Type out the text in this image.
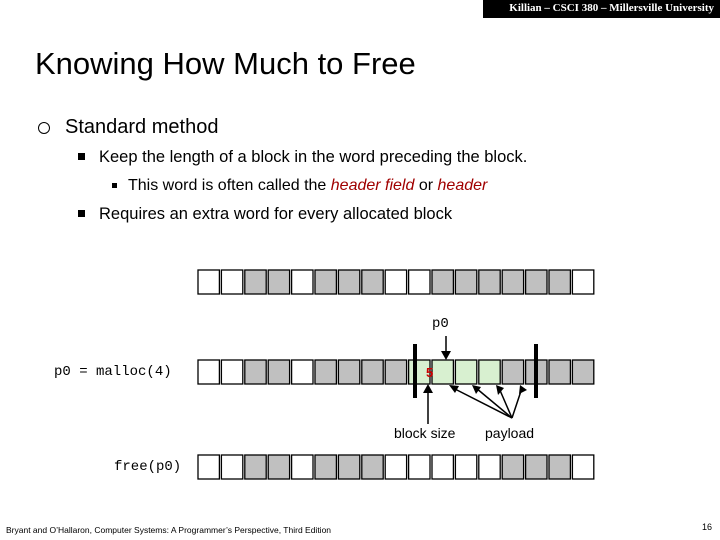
Killian – CSCI 380 – Millersville University
Knowing How Much to Free
Standard method
Keep the length of a block in the word preceding the block.
This word is often called the header field or header
Requires an extra word for every allocated block
5
p0
p0 = malloc(4)
free(p0)
block size payload
Bryant and O’Hallaron, Computer Systems: A Programmer’s Perspective, Third Edition	16
